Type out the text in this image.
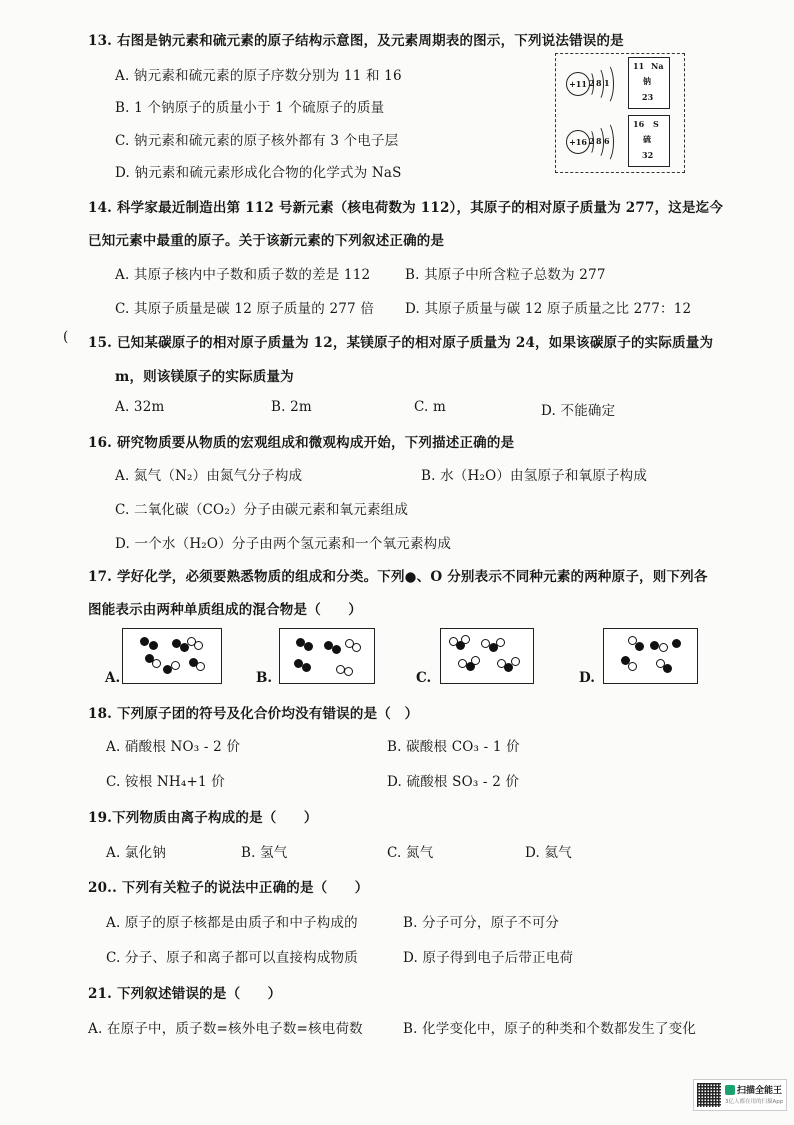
13. 右图是钠元素和硫元素的原子结构示意图，及元素周期表的图示，下列说法错误的是
A. 钠元素和硫元素的原子序数分别为 11 和 16
B. 1 个钠原子的质量小于 1 个硫原子的质量
C. 钠元素和硫元素的原子核外都有 3 个电子层
D. 钠元素和硫元素形成化合物的化学式为 NaS
+11 2 8 1
11 Na
钠
23
+16 2 8 6
16 S
硫
32
14. 科学家最近制造出第 112 号新元素（核电荷数为 112），其原子的相对原子质量为 277，这是迄今
已知元素中最重的原子。关于该新元素的下列叙述正确的是
A. 其原子核内中子数和质子数的差是 112	B. 其原子中所含粒子总数为 277
C. 其原子质量是碳 12 原子质量的 277 倍 D. 其原子质量与碳 12 原子质量之比 277：12
( 15. 已知某碳原子的相对原子质量为 12，某镁原子的相对原子质量为 24，如果该碳原子的实际质量为
m，则该镁原子的实际质量为
A. 32m	B. 2m	C. m	D. 不能确定
16. 研究物质要从物质的宏观组成和微观构成开始，下列描述正确的是
A. 氮气（N₂）由氮气分子构成	B. 水（H₂O）由氢原子和氧原子构成
C. 二氧化碳（CO₂）分子由碳元素和氧元素组成
D. 一个水（H₂O）分子由两个氢元素和一个氧元素构成
17. 学好化学，必须要熟悉物质的组成和分类。下列●、O 分别表示不同种元素的两种原子，则下列各
图能表示由两种单质组成的混合物是（　　）
A.	B.	C.	D.
18. 下列原子团的符号及化合价均没有错误的是（　）
A. 硝酸根 NO₃ - 2 价	B. 碳酸根 CO₃ - 1 价
C. 铵根 NH₄+1 价	D. 硫酸根 SO₃ - 2 价
19.下列物质由离子构成的是（　　）
A. 氯化钠	B. 氢气	C. 氮气	D. 氦气
20.. 下列有关粒子的说法中正确的是（　　）
A. 原子的原子核都是由质子和中子构成的	B. 分子可分，原子不可分
C. 分子、原子和离子都可以直接构成物质	D. 原子得到电子后带正电荷
21. 下列叙述错误的是（　　）
A. 在原子中，质子数=核外电子数=核电荷数	B. 化学变化中，原子的种类和个数都发生了变化
扫描全能王
3亿人都在用的扫描App
